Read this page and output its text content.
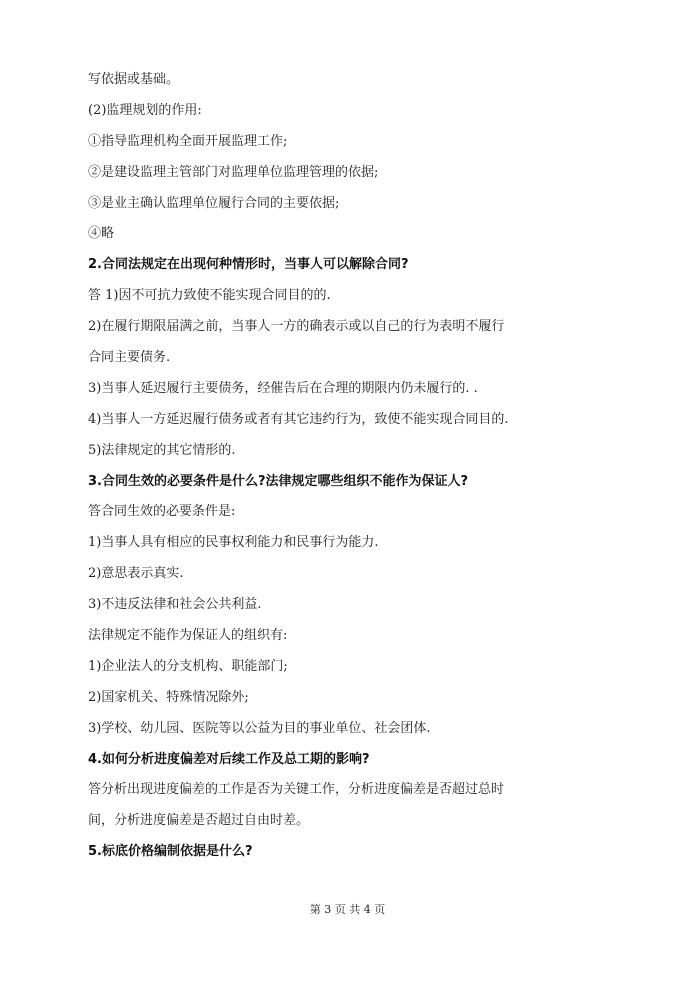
写依据或基础。
(2)监理规划的作用:
①指导监理机构全面开展监理工作;
②是建设监理主管部门对监理单位监理管理的依据;
③是业主确认监理单位履行合同的主要依据;
④略
2.合同法规定在出现何种情形时，当事人可以解除合同?
答 1)因不可抗力致使不能实现合同目的的.
2)在履行期限届满之前，当事人一方的确表示或以自己的行为表明不履行
合同主要债务.
3)当事人延迟履行主要债务，经催告后在合理的期限内仍未履行的. .
4)当事人一方延迟履行债务或者有其它违约行为，致使不能实现合同目的.
5)法律规定的其它情形的.
3.合同生效的必要条件是什么?法律规定哪些组织不能作为保证人?
答合同生效的必要条件是:
1)当事人具有相应的民事权利能力和民事行为能力.
2)意思表示真实.
3)不违反法律和社会公共利益.
法律规定不能作为保证人的组织有:
1)企业法人的分支机构、职能部门;
2)国家机关、特殊情况除外;
3)学校、幼儿园、医院等以公益为目的事业单位、社会团体.
4.如何分析进度偏差对后续工作及总工期的影响?
答分析出现进度偏差的工作是否为关键工作，分析进度偏差是否超过总时
间，分析进度偏差是否超过自由时差。
5.标底价格编制依据是什么?
第 3 页 共 4 页
